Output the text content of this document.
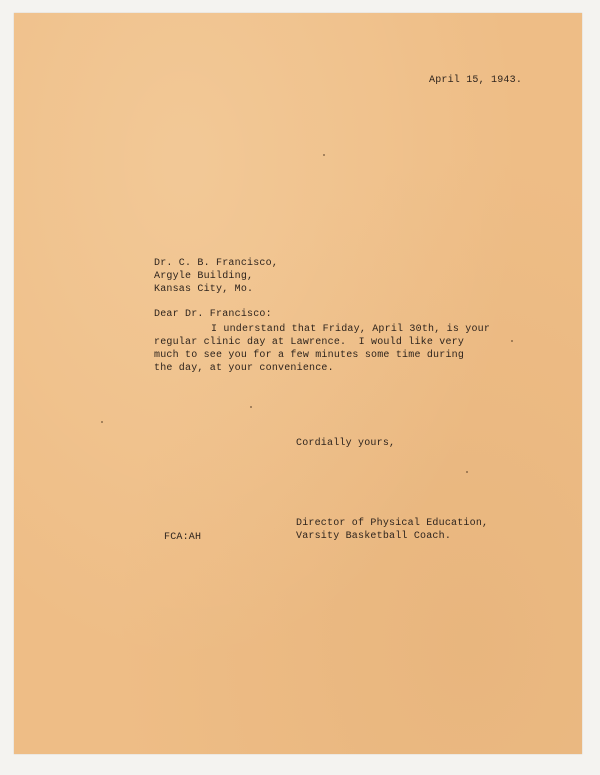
April 15, 1943.
Dr. C. B. Francisco,
Argyle Building,
Kansas City, Mo.
Dear Dr. Francisco:
I understand that Friday, April 30th, is your
regular clinic day at Lawrence.  I would like very
much to see you for a few minutes some time during
the day, at your convenience.
Cordially yours,
FCA:AH
Director of Physical Education,
Varsity Basketball Coach.
